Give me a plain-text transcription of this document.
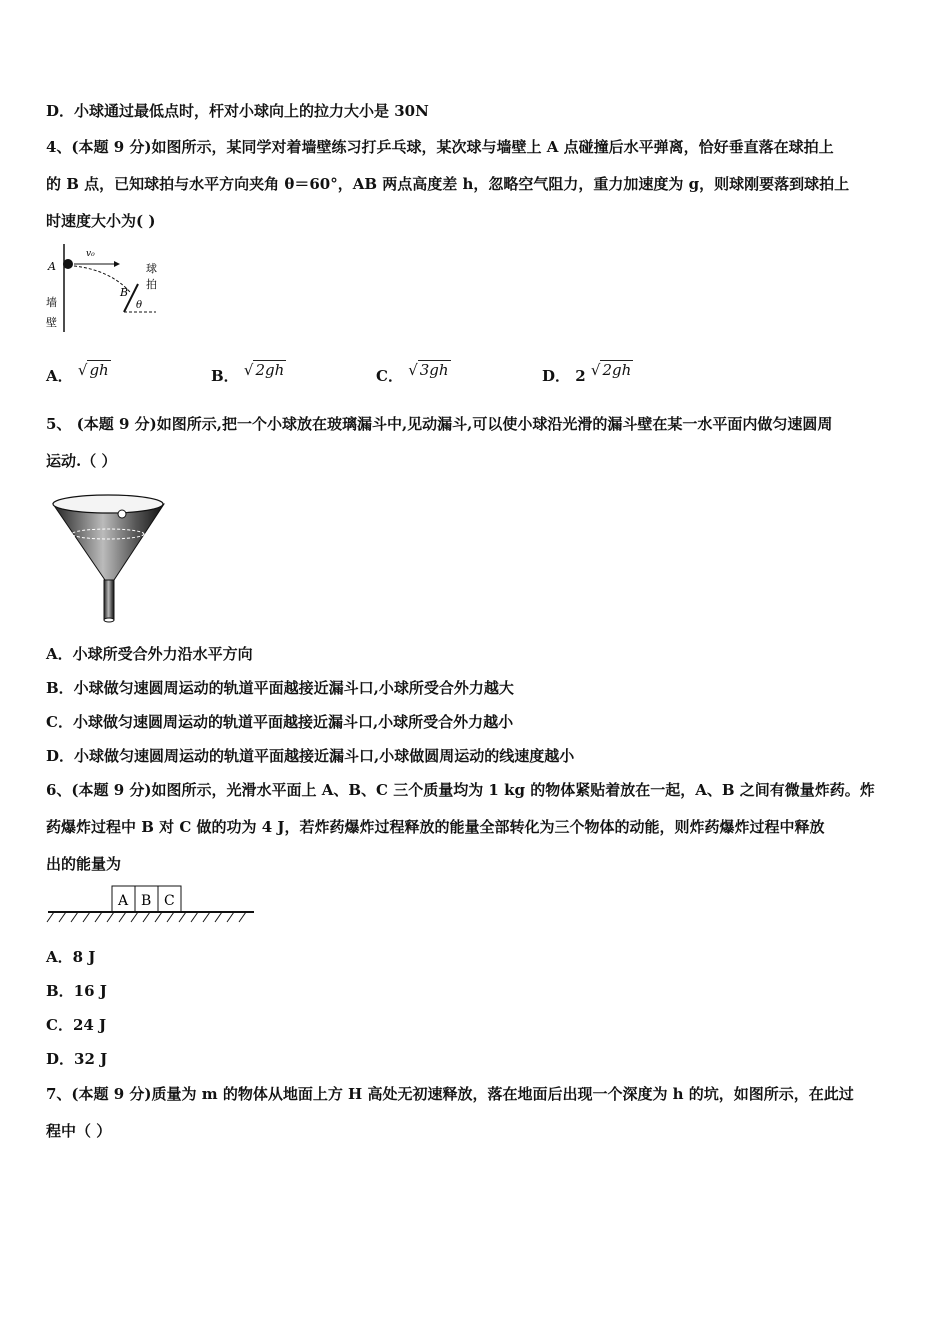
D．小球通过最低点时，杆对小球向上的拉力大小是 30N
4、(本题 9 分)如图所示，某同学对着墙壁练习打乒乓球，某次球与墙壁上 A 点碰撞后水平弹离，恰好垂直落在球拍上
的 B 点，已知球拍与水平方向夹角 θ＝60°，AB 两点高度差 h，忽略空气阻力，重力加速度为 g，则球刚要落到球拍上
时速度大小为( )
A
v₀
B
θ
球
拍
墙
壁
A． √ gh	B． √ 2gh	C． √ 3gh	D． 2 √ 2gh
5、 (本题 9 分)如图所示,把一个小球放在玻璃漏斗中,见动漏斗,可以使小球沿光滑的漏斗壁在某一水平面内做匀速圆周
运动.（ ）
A．小球所受合外力沿水平方向
B．小球做匀速圆周运动的轨道平面越接近漏斗口,小球所受合外力越大
C．小球做匀速圆周运动的轨道平面越接近漏斗口,小球所受合外力越小
D．小球做匀速圆周运动的轨道平面越接近漏斗口,小球做圆周运动的线速度越小
6、(本题 9 分)如图所示，光滑水平面上 A、B、C 三个质量均为 1 kg 的物体紧贴着放在一起，A、B 之间有微量炸药。炸
药爆炸过程中 B 对 C 做的功为 4 J，若炸药爆炸过程释放的能量全部转化为三个物体的动能，则炸药爆炸过程中释放
出的能量为
A B C
A．8 J
B．16 J
C．24 J
D．32 J
7、(本题 9 分)质量为 m 的物体从地面上方 H 高处无初速释放，落在地面后出现一个深度为 h 的坑，如图所示，在此过
程中（ ）
